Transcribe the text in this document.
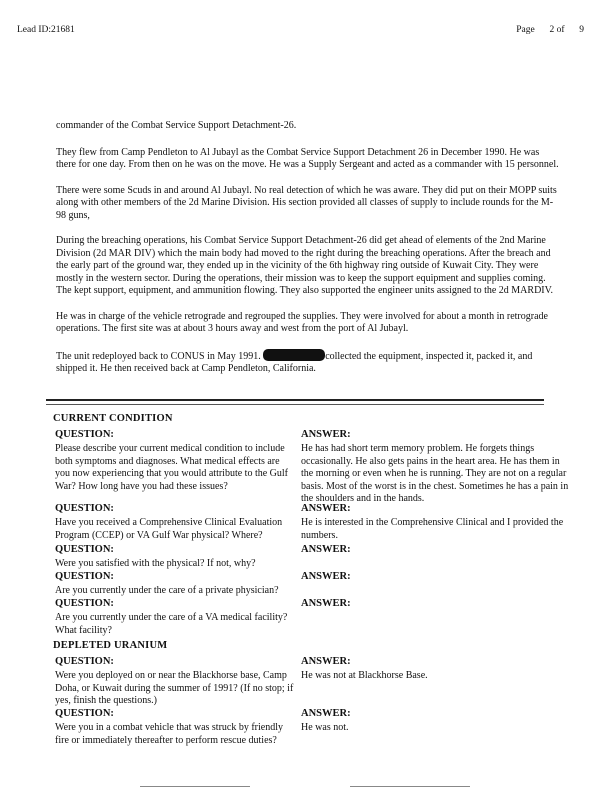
Lead ID:21681	Page 2 of 9

commander of the Combat Service Support Detachment-26.

They flew from Camp Pendleton to Al Jubayl as the Combat Service Support Detachment 26 in December 1990. He was there for one day. From then on he was on the move. He was a Supply Sergeant and acted as a commander with 15 personnel.

There were some Scuds in and around Al Jubayl. No real detection of which he was aware. They did put on their MOPP suits along with other members of the 2d Marine Division. His section provided all classes of supply to include rounds for the M-98 guns,

During the breaching operations, his Combat Service Support Detachment-26 did get ahead of elements of the 2nd Marine Division (2d MAR DIV) which the main body had moved to the right during the breaching operations. After the breach and the early part of the ground war, they ended up in the vicinity of the 6th highway ring outside of Kuwait City. They were mostly in the western sector. During the operations, their mission was to keep the support equipment and supplies coming. The kept support, equipment, and ammunition flowing. They also supported the engineer units assigned to the 2d MARDIV.

He was in charge of the vehicle retrograde and regrouped the supplies. They were involved for about a month in retrograde operations. The first site was at about 3 hours away and west from the port of Al Jubayl.

The unit redeployed back to CONUS in May 1991.	collected the equipment, inspected it, packed it, and shipped it. He then received back at Camp Pendleton, California.

CURRENT CONDITION
QUESTION:
Please describe your current medical condition to include both symptoms and diagnoses. What medical effects are you now experiencing that you would attribute to the Gulf War? How long have you had these issues?
ANSWER:
He has had short term memory problem. He forgets things occasionally. He also gets pains in the heart area. He has them in the morning or even when he is running. They are not on a regular basis. Most of the worst is in the chest. Sometimes he has a pain in the shoulders and in the hands.
QUESTION:
Have you received a Comprehensive Clinical Evaluation Program (CCEP) or VA Gulf War physical? Where?
ANSWER:
He is interested in the Comprehensive Clinical and I provided the numbers.
QUESTION:
Were you satisfied with the physical? If not, why?
ANSWER:
QUESTION:
Are you currently under the care of a private physician?
ANSWER:
QUESTION:
Are you currently under the care of a VA medical facility? What facility?
ANSWER:
DEPLETED URANIUM
QUESTION:
Were you deployed on or near the Blackhorse base, Camp Doha, or Kuwait during the summer of 1991? (If no stop; if yes, finish the questions.)
ANSWER:
He was not at Blackhorse Base.
QUESTION:
Were you in a combat vehicle that was struck by friendly fire or immediately thereafter to perform rescue duties?
ANSWER:
He was not.
